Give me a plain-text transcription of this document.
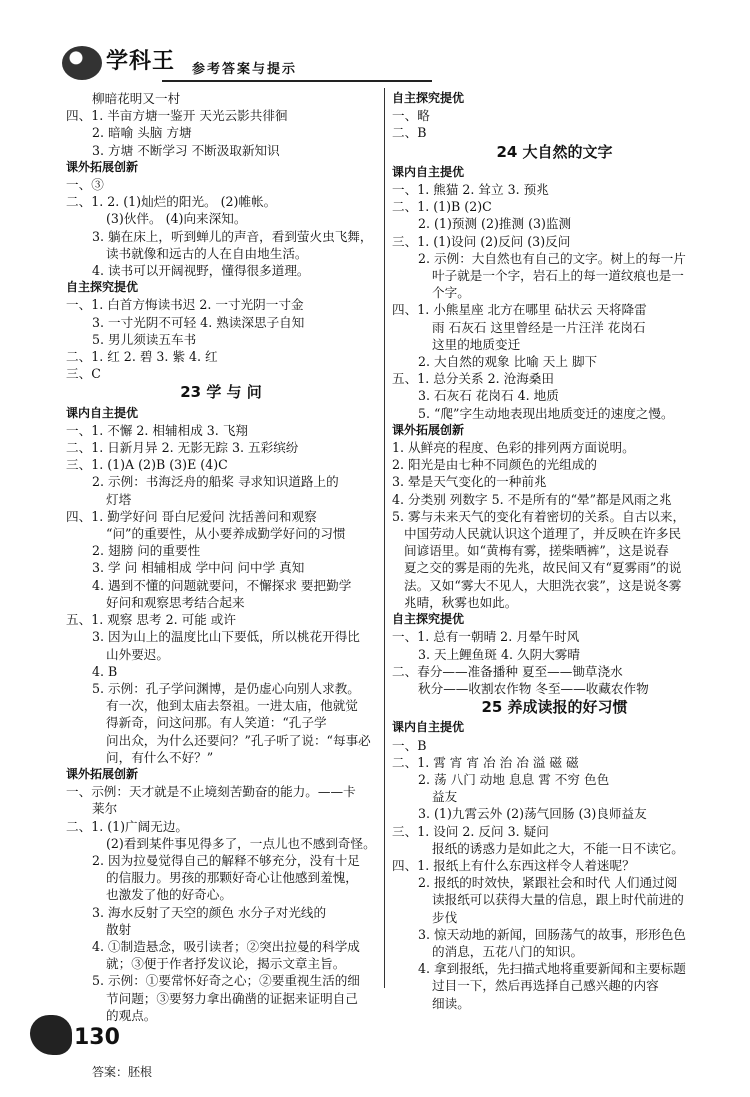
学科王 参考答案与提示
柳暗花明又一村
四、1. 半亩方塘一鉴开 天光云影共徘徊
2. 暗喻 头脑 方塘
3. 方塘 不断学习 不断汲取新知识
课外拓展创新
一、③
二、1. 2. (1)灿烂的阳光。 (2)帷帐。
(3)伙伴。 (4)向来深知。
3. 躺在床上，听到蝉儿的声音，看到萤火虫飞舞，
读书就像和远古的人在自由地生活。
4. 读书可以开阔视野，懂得很多道理。
自主探究提优
一、1. 白首方悔读书迟 2. 一寸光阴一寸金
3. 一寸光阴不可轻 4. 熟读深思子自知
5. 男儿须读五车书
二、1. 红 2. 碧 3. 紫 4. 红
三、C
23 学 与 问
课内自主提优
一、1. 不懈 2. 相辅相成 3. 飞翔
二、1. 日新月异 2. 无影无踪 3. 五彩缤纷
三、1. (1)A (2)B (3)E (4)C
2. 示例：书海泛舟的船桨 寻求知识道路上的
灯塔
四、1. 勤学好问 哥白尼爱问 沈括善问和观察
“问”的重要性，从小要养成勤学好问的习惯
2. 翅膀 问的重要性
3. 学 问 相辅相成 学中问 问中学 真知
4. 遇到不懂的问题就要问，不懈探求 要把勤学
好问和观察思考结合起来
五、1. 观察 思考 2. 可能 或许
3. 因为山上的温度比山下要低，所以桃花开得比
山外要迟。
4. B
5. 示例：孔子学问渊博，是仍虚心向别人求教。
有一次，他到太庙去祭祖。一进太庙，他就觉
得新奇，问这问那。有人笑道：“孔子学
问出众，为什么还要问？”孔子听了说：“每事必
问，有什么不好？”
课外拓展创新
一、示例：天才就是不止境刻苦勤奋的能力。——卡
莱尔
二、1. (1)广阔无边。
(2)看到某件事见得多了，一点儿也不感到奇怪。
2. 因为拉曼觉得自己的解释不够充分，没有十足
的信服力。男孩的那颗好奇心让他感到羞愧，
也激发了他的好奇心。
3. 海水反射了天空的颜色 水分子对光线的
散射
4. ①制造悬念，吸引读者；②突出拉曼的科学成
就；③便于作者抒发议论，揭示文章主旨。
5. 示例：①要常怀好奇之心；②要重视生活的细
节问题；③要努力拿出确凿的证据来证明自己
的观点。
自主探究提优
一、略
二、B
24 大自然的文字
课内自主提优
一、1. 熊猫 2. 耸立 3. 预兆
二、1. (1)B (2)C
2. (1)预测 (2)推测 (3)监测
三、1. (1)设问 (2)反问 (3)反问
2. 示例：大自然也有自己的文字。树上的每一片
叶子就是一个字，岩石上的每一道纹痕也是一
个字。
四、1. 小熊星座 北方在哪里 砧状云 天将降雷
雨 石灰石 这里曾经是一片汪洋 花岗石
这里的地质变迁
2. 大自然的观象 比喻 天上 脚下
五、1. 总分关系 2. 沧海桑田
3. 石灰石 花岗石 4. 地质
5. “爬”字生动地表现出地质变迁的速度之慢。
课外拓展创新
1. 从鲜亮的程度、色彩的排列两方面说明。
2. 阳光是由七种不同颜色的光组成的
3. 晕是天气变化的一种前兆
4. 分类别 列数字 5. 不是所有的“晕”都是风雨之兆
5. 雾与未来天气的变化有着密切的关系。自古以来，
中国劳动人民就认识这个道理了，并反映在许多民
间谚语里。如“黄梅有雾，搓柴晒裤”，这是说春
夏之交的雾是雨的先兆，故民间又有“夏雾雨”的说
法。又如“雾大不见人，大胆洗衣裳”，这是说冬雾
兆晴，秋雾也如此。
自主探究提优
一、1. 总有一朝晴 2. 月晕午时风
3. 天上鲤鱼斑 4. 久阴大雾晴
二、春分——准备播种 夏至——锄草浇水
秋分——收割农作物 冬至——收藏农作物
25 养成读报的好习惯
课内自主提优
一、B
二、1. 霄 宵 宵 冶 治 冶 溢 磁 磁
2. 荡 八门 动地 息息 霄 不穷 色色
益友
3. (1)九霄云外 (2)荡气回肠 (3)良师益友
三、1. 设问 2. 反问 3. 疑问
报纸的诱惑力是如此之大，不能一日不读它。
四、1. 报纸上有什么东西这样令人着迷呢？
2. 报纸的时效快，紧跟社会和时代 人们通过阅
读报纸可以获得大量的信息，跟上时代前进的
步伐
3. 惊天动地的新闻，回肠荡气的故事，形形色色
的消息，五花八门的知识。
4. 拿到报纸，先扫描式地将重要新闻和主要标题
过目一下，然后再选择自己感兴趣的内容
细读。
130
答案：胚根
